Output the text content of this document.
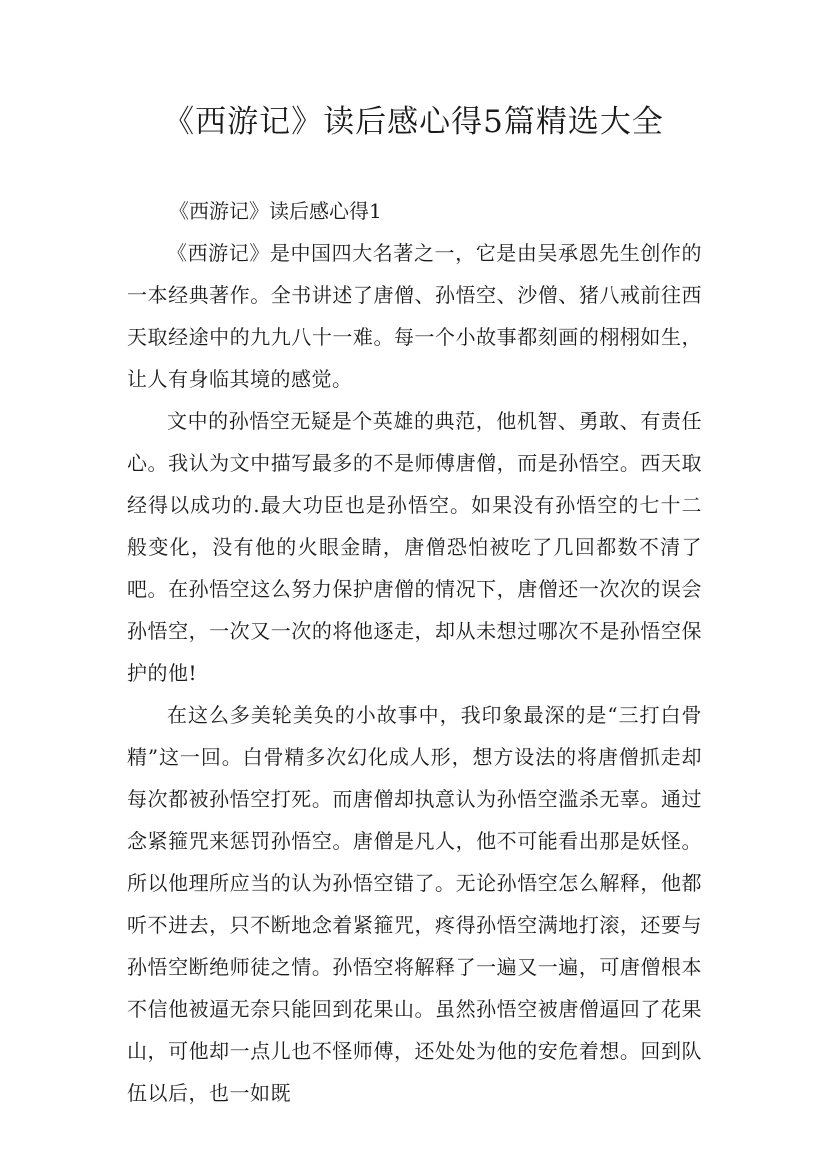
《西游记》读后感心得5篇精选大全

《西游记》读后感心得1

《西游记》是中国四大名著之一，它是由吴承恩先生创作的一本经典著作。全书讲述了唐僧、孙悟空、沙僧、猪八戒前往西天取经途中的九九八十一难。每一个小故事都刻画的栩栩如生，让人有身临其境的感觉。

文中的孙悟空无疑是个英雄的典范，他机智、勇敢、有责任心。我认为文中描写最多的不是师傅唐僧，而是孙悟空。西天取经得以成功的.最大功臣也是孙悟空。如果没有孙悟空的七十二般变化，没有他的火眼金睛，唐僧恐怕被吃了几回都数不清了吧。在孙悟空这么努力保护唐僧的情况下，唐僧还一次次的误会孙悟空，一次又一次的将他逐走，却从未想过哪次不是孙悟空保护的他!

在这么多美轮美奂的小故事中，我印象最深的是“三打白骨精”这一回。白骨精多次幻化成人形，想方设法的将唐僧抓走却每次都被孙悟空打死。而唐僧却执意认为孙悟空滥杀无辜。通过念紧箍咒来惩罚孙悟空。唐僧是凡人，他不可能看出那是妖怪。所以他理所应当的认为孙悟空错了。无论孙悟空怎么解释，他都听不进去，只不断地念着紧箍咒，疼得孙悟空满地打滚，还要与孙悟空断绝师徒之情。孙悟空将解释了一遍又一遍，可唐僧根本不信他被逼无奈只能回到花果山。虽然孙悟空被唐僧逼回了花果山，可他却一点儿也不怪师傅，还处处为他的安危着想。回到队伍以后，也一如既
